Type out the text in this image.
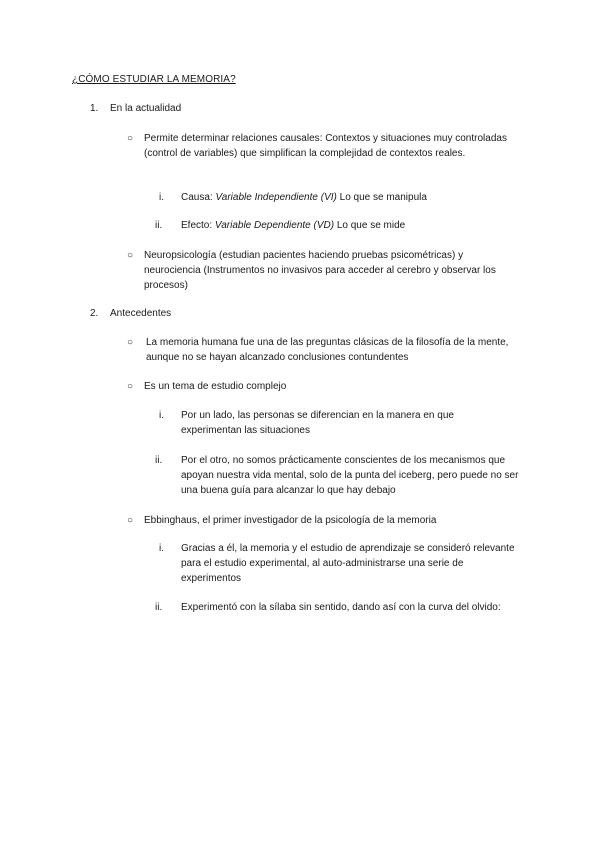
¿CÓMO ESTUDIAR LA MEMORIA?
1. En la actualidad
○ Permite determinar relaciones causales: Contextos y situaciones muy controladas (control de variables) que simplifican la complejidad de contextos reales.
i. Causa: Variable Independiente (VI) Lo que se manipula
ii. Efecto: Variable Dependiente (VD) Lo que se mide
○ Neuropsicología (estudian pacientes haciendo pruebas psicométricas) y neurociencia (Instrumentos no invasivos para acceder al cerebro y observar los procesos)
2. Antecedentes
○ La memoria humana fue una de las preguntas clásicas de la filosofía de la mente, aunque no se hayan alcanzado conclusiones contundentes
○ Es un tema de estudio complejo
i. Por un lado, las personas se diferencian en la manera en que experimentan las situaciones
ii. Por el otro, no somos prácticamente conscientes de los mecanismos que apoyan nuestra vida mental, solo de la punta del iceberg, pero puede no ser una buena guía para alcanzar lo que hay debajo
○ Ebbinghaus, el primer investigador de la psicología de la memoria
i. Gracias a él, la memoria y el estudio de aprendizaje se consideró relevante para el estudio experimental, al auto-administrarse una serie de experimentos
ii. Experimentó con la sílaba sin sentido, dando así con la curva del olvido:
